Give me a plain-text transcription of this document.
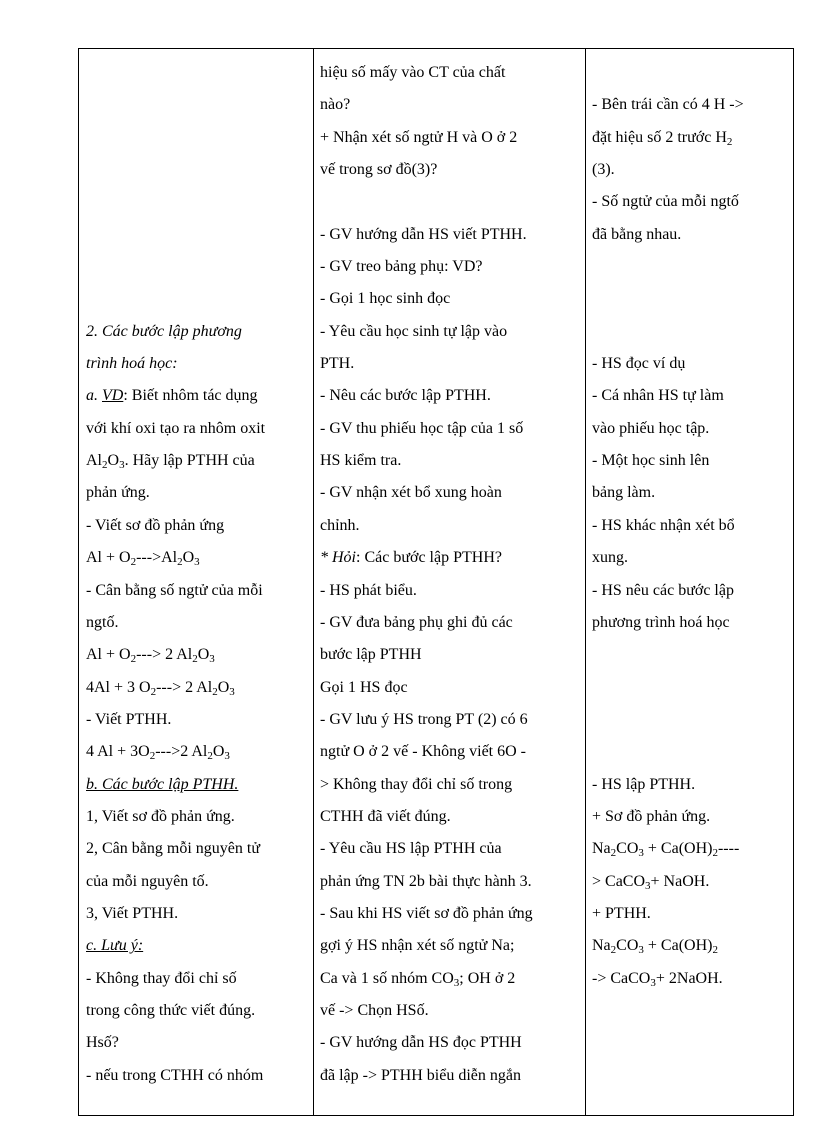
2. Các bước lập phương
trình hoá học:
a. VD: Biết nhôm tác dụng
với khí oxi tạo ra nhôm oxit
$Al_2O_3$. Hãy lập PTHH của
phản ứng.
- Viết sơ đồ phản ứng
$Al + O_2--->Al_2O_3$
- Cân bằng số ngtử của mỗi
ngtố.
$Al + O_2---> 2$ $Al_2O_3$
4Al + 3 $O_2---> 2$ $Al_2O_3$
- Viết PTHH.
4 $Al + 3O_2--->2$ $Al_2O_3$
b. Các bước lập PTHH.
1, Viết sơ đồ phản ứng.
2, Cân bằng mỗi nguyên tử
của mỗi nguyên tố.
3, Viết PTHH.
c. Lưu ý:
- Không thay đổi chỉ số
trong công thức viết đúng.
Hsố?
- nếu trong CTHH có nhóm
hiệu số mấy vào CT của chất
nào?
+ Nhận xét số ngtử H và O ở 2
vế trong sơ đồ(3)?

- GV hướng dẫn HS viết PTHH.
- GV treo bảng phụ: VD?
- Gọi 1 học sinh đọc
- Yêu cầu học sinh tự lập vào
PTH.
- Nêu các bước lập PTHH.
- GV thu phiếu học tập của 1 số
HS kiểm tra.
- GV nhận xét bổ xung hoàn
chỉnh.
* Hỏi: Các bước lập PTHH?
- HS phát biểu.
- GV đưa bảng phụ ghi đủ các
bước lập PTHH
Gọi 1 HS đọc
- GV lưu ý HS trong PT (2) có 6
ngtử O ở 2 vế - Không viết 6O -
> Không thay đổi chỉ số trong
CTHH đã viết đúng.
- Yêu cầu HS lập PTHH của
phản ứng TN 2b bài thực hành 3.
- Sau khi HS viết sơ đồ phản ứng
gợi ý HS nhận xét số ngtử Na;
Ca và 1 số nhóm $CO_3$; OH ở 2
vế -> Chọn HSố.
- GV hướng dẫn HS đọc PTHH
đã lập -> PTHH biểu diễn ngắn

- Bên trái cần có 4 H ->
đặt hiệu số 2 trước $H_2$
(3).
- Số ngtử của mỗi ngtố
đã bằng nhau.

- HS đọc ví dụ
- Cá nhân HS tự làm
vào phiếu học tập.
- Một học sinh lên
bảng làm.
- HS khác nhận xét bổ
xung.
- HS nêu các bước lập
phương trình hoá học

- HS lập PTHH.
+ Sơ đồ phản ứng.
$Na_2CO_3 + Ca(OH)_2----$
> CaCO$_3$+ NaOH.
+ PTHH.
$Na_2CO_3 + Ca(OH)_2$
-> CaCO$_3$+ 2NaOH.
